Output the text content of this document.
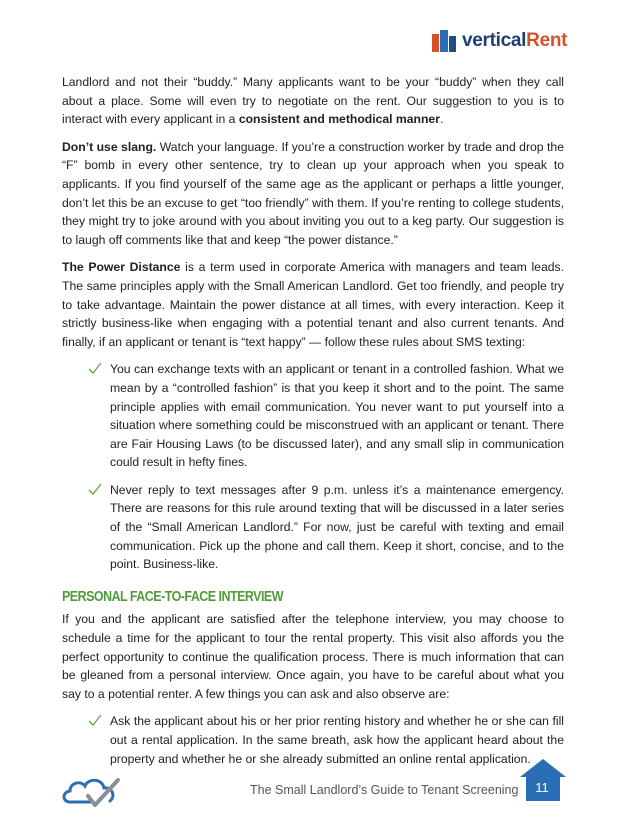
verticalRent

Landlord and not their “buddy.” Many applicants want to be your “buddy” when they call about a place. Some will even try to negotiate on the rent. Our suggestion to you is to interact with every applicant in a consistent and methodical manner.

Don’t use slang. Watch your language. If you’re a construction worker by trade and drop the “F” bomb in every other sentence, try to clean up your approach when you speak to applicants. If you find yourself of the same age as the applicant or perhaps a little younger, don’t let this be an excuse to get “too friendly” with them. If you’re renting to college students, they might try to joke around with you about inviting you out to a keg party. Our suggestion is to laugh off comments like that and keep “the power distance.”

The Power Distance is a term used in corporate America with managers and team leads. The same principles apply with the Small American Landlord. Get too friendly, and people try to take advantage. Maintain the power distance at all times, with every interaction. Keep it strictly business-like when engaging with a potential tenant and also current tenants. And finally, if an applicant or tenant is “text happy” — follow these rules about SMS texting:

You can exchange texts with an applicant or tenant in a controlled fashion. What we mean by a “controlled fashion” is that you keep it short and to the point. The same principle applies with email communication. You never want to put yourself into a situation where something could be misconstrued with an applicant or tenant. There are Fair Housing Laws (to be discussed later), and any small slip in communication could result in hefty fines.
Never reply to text messages after 9 p.m. unless it’s a maintenance emergency. There are reasons for this rule around texting that will be discussed in a later series of the “Small American Landlord.” For now, just be careful with texting and email communication. Pick up the phone and call them. Keep it short, concise, and to the point. Business-like.
PERSONAL FACE-TO-FACE INTERVIEW

If you and the applicant are satisfied after the telephone interview, you may choose to schedule a time for the applicant to tour the rental property. This visit also affords you the perfect opportunity to continue the qualification process. There is much information that can be gleaned from a personal interview. Once again, you have to be careful about what you say to a potential renter. A few things you can ask and also observe are:

Ask the applicant about his or her prior renting history and whether he or she can fill out a rental application. In the same breath, ask how the applicant heard about the property and whether he or she already submitted an online rental application.
The Small Landlord’s Guide to Tenant Screening	11
